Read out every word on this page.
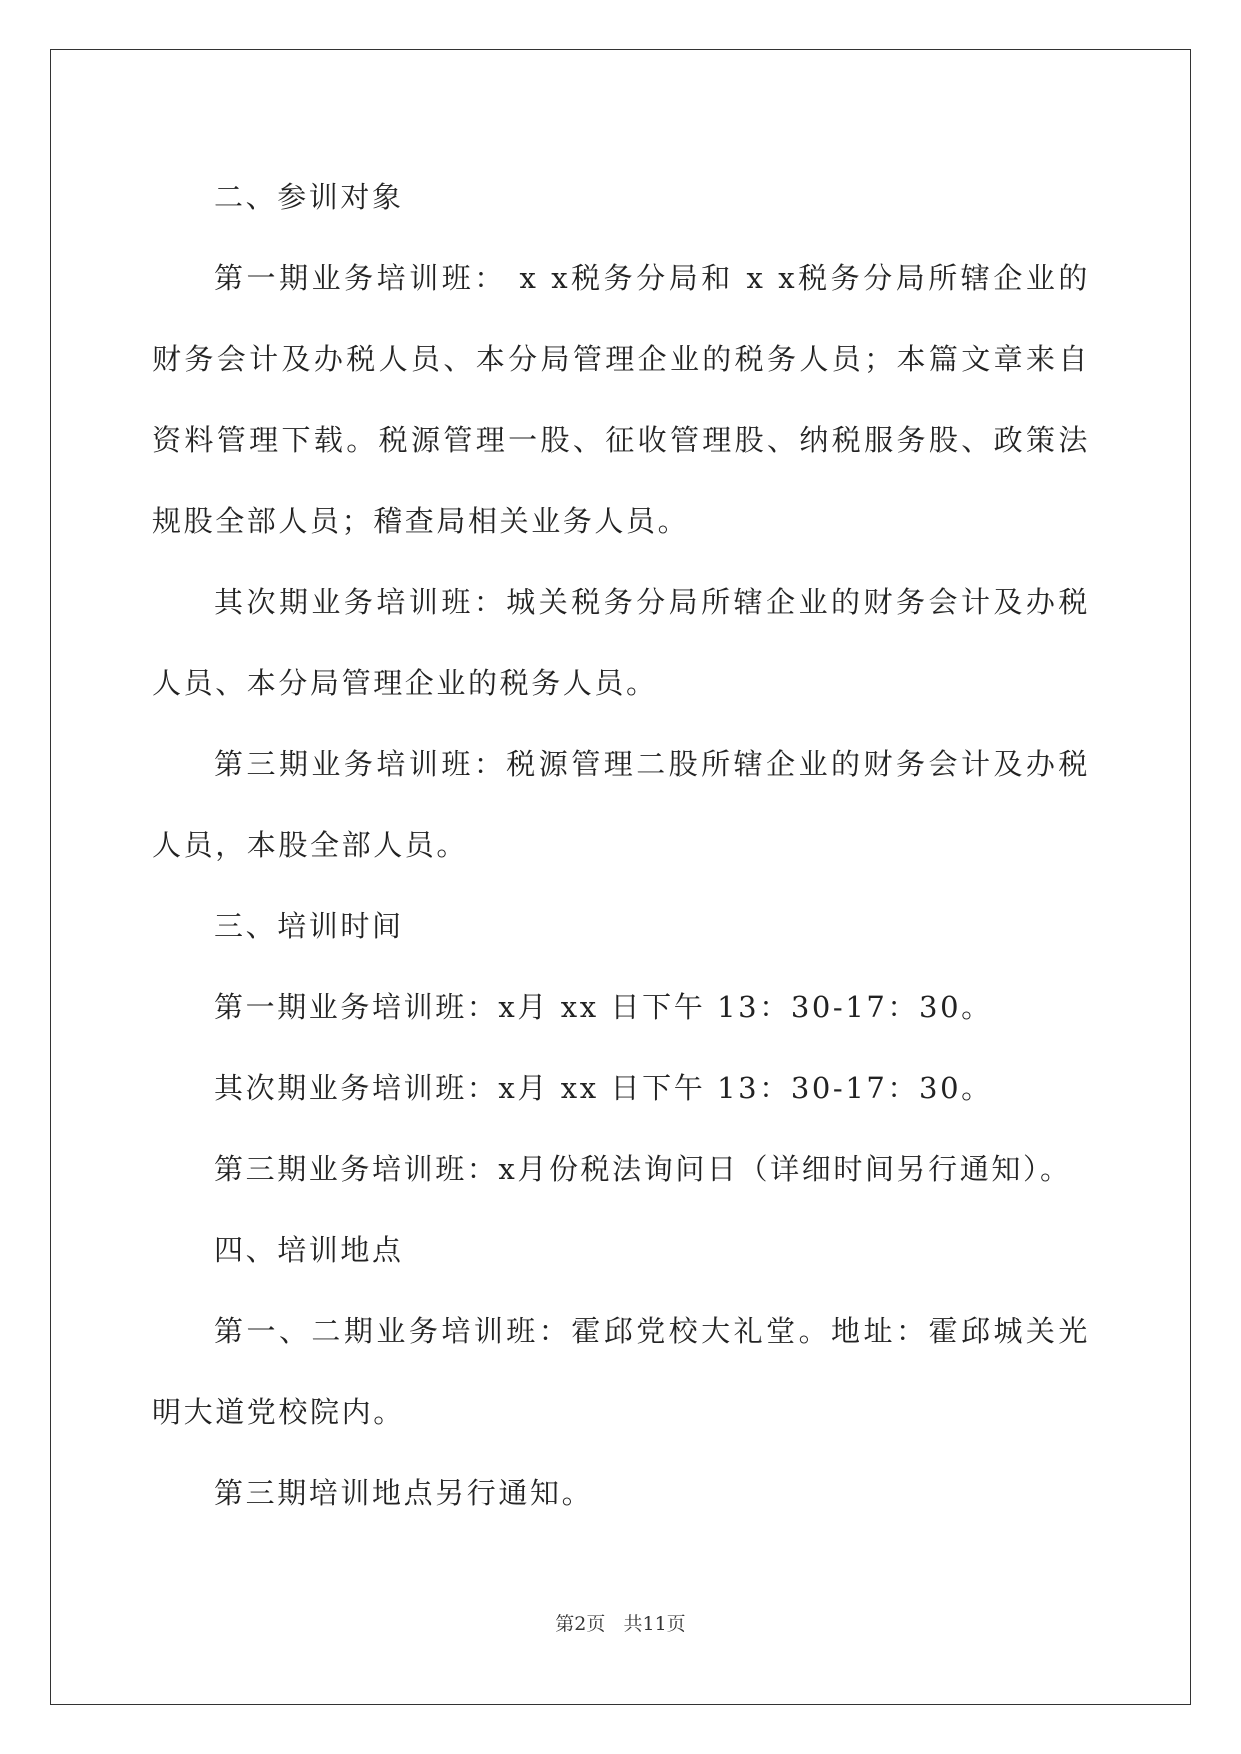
二、参训对象

第一期业务培训班： x x税务分局和 x x税务分局所辖企业的财务会计及办税人员、本分局管理企业的税务人员；本篇文章来自资料管理下载。税源管理一股、征收管理股、纳税服务股、政策法规股全部人员；稽查局相关业务人员。

其次期业务培训班：城关税务分局所辖企业的财务会计及办税人员、本分局管理企业的税务人员。

第三期业务培训班：税源管理二股所辖企业的财务会计及办税人员，本股全部人员。

三、培训时间

第一期业务培训班：x月 xx 日下午 13：30-17：30。

其次期业务培训班：x月 xx 日下午 13：30-17：30。

第三期业务培训班：x月份税法询问日（详细时间另行通知）。

四、培训地点

第一、二期业务培训班：霍邱党校大礼堂。地址：霍邱城关光明大道党校院内。

第三期培训地点另行通知。

第2页   共11页
